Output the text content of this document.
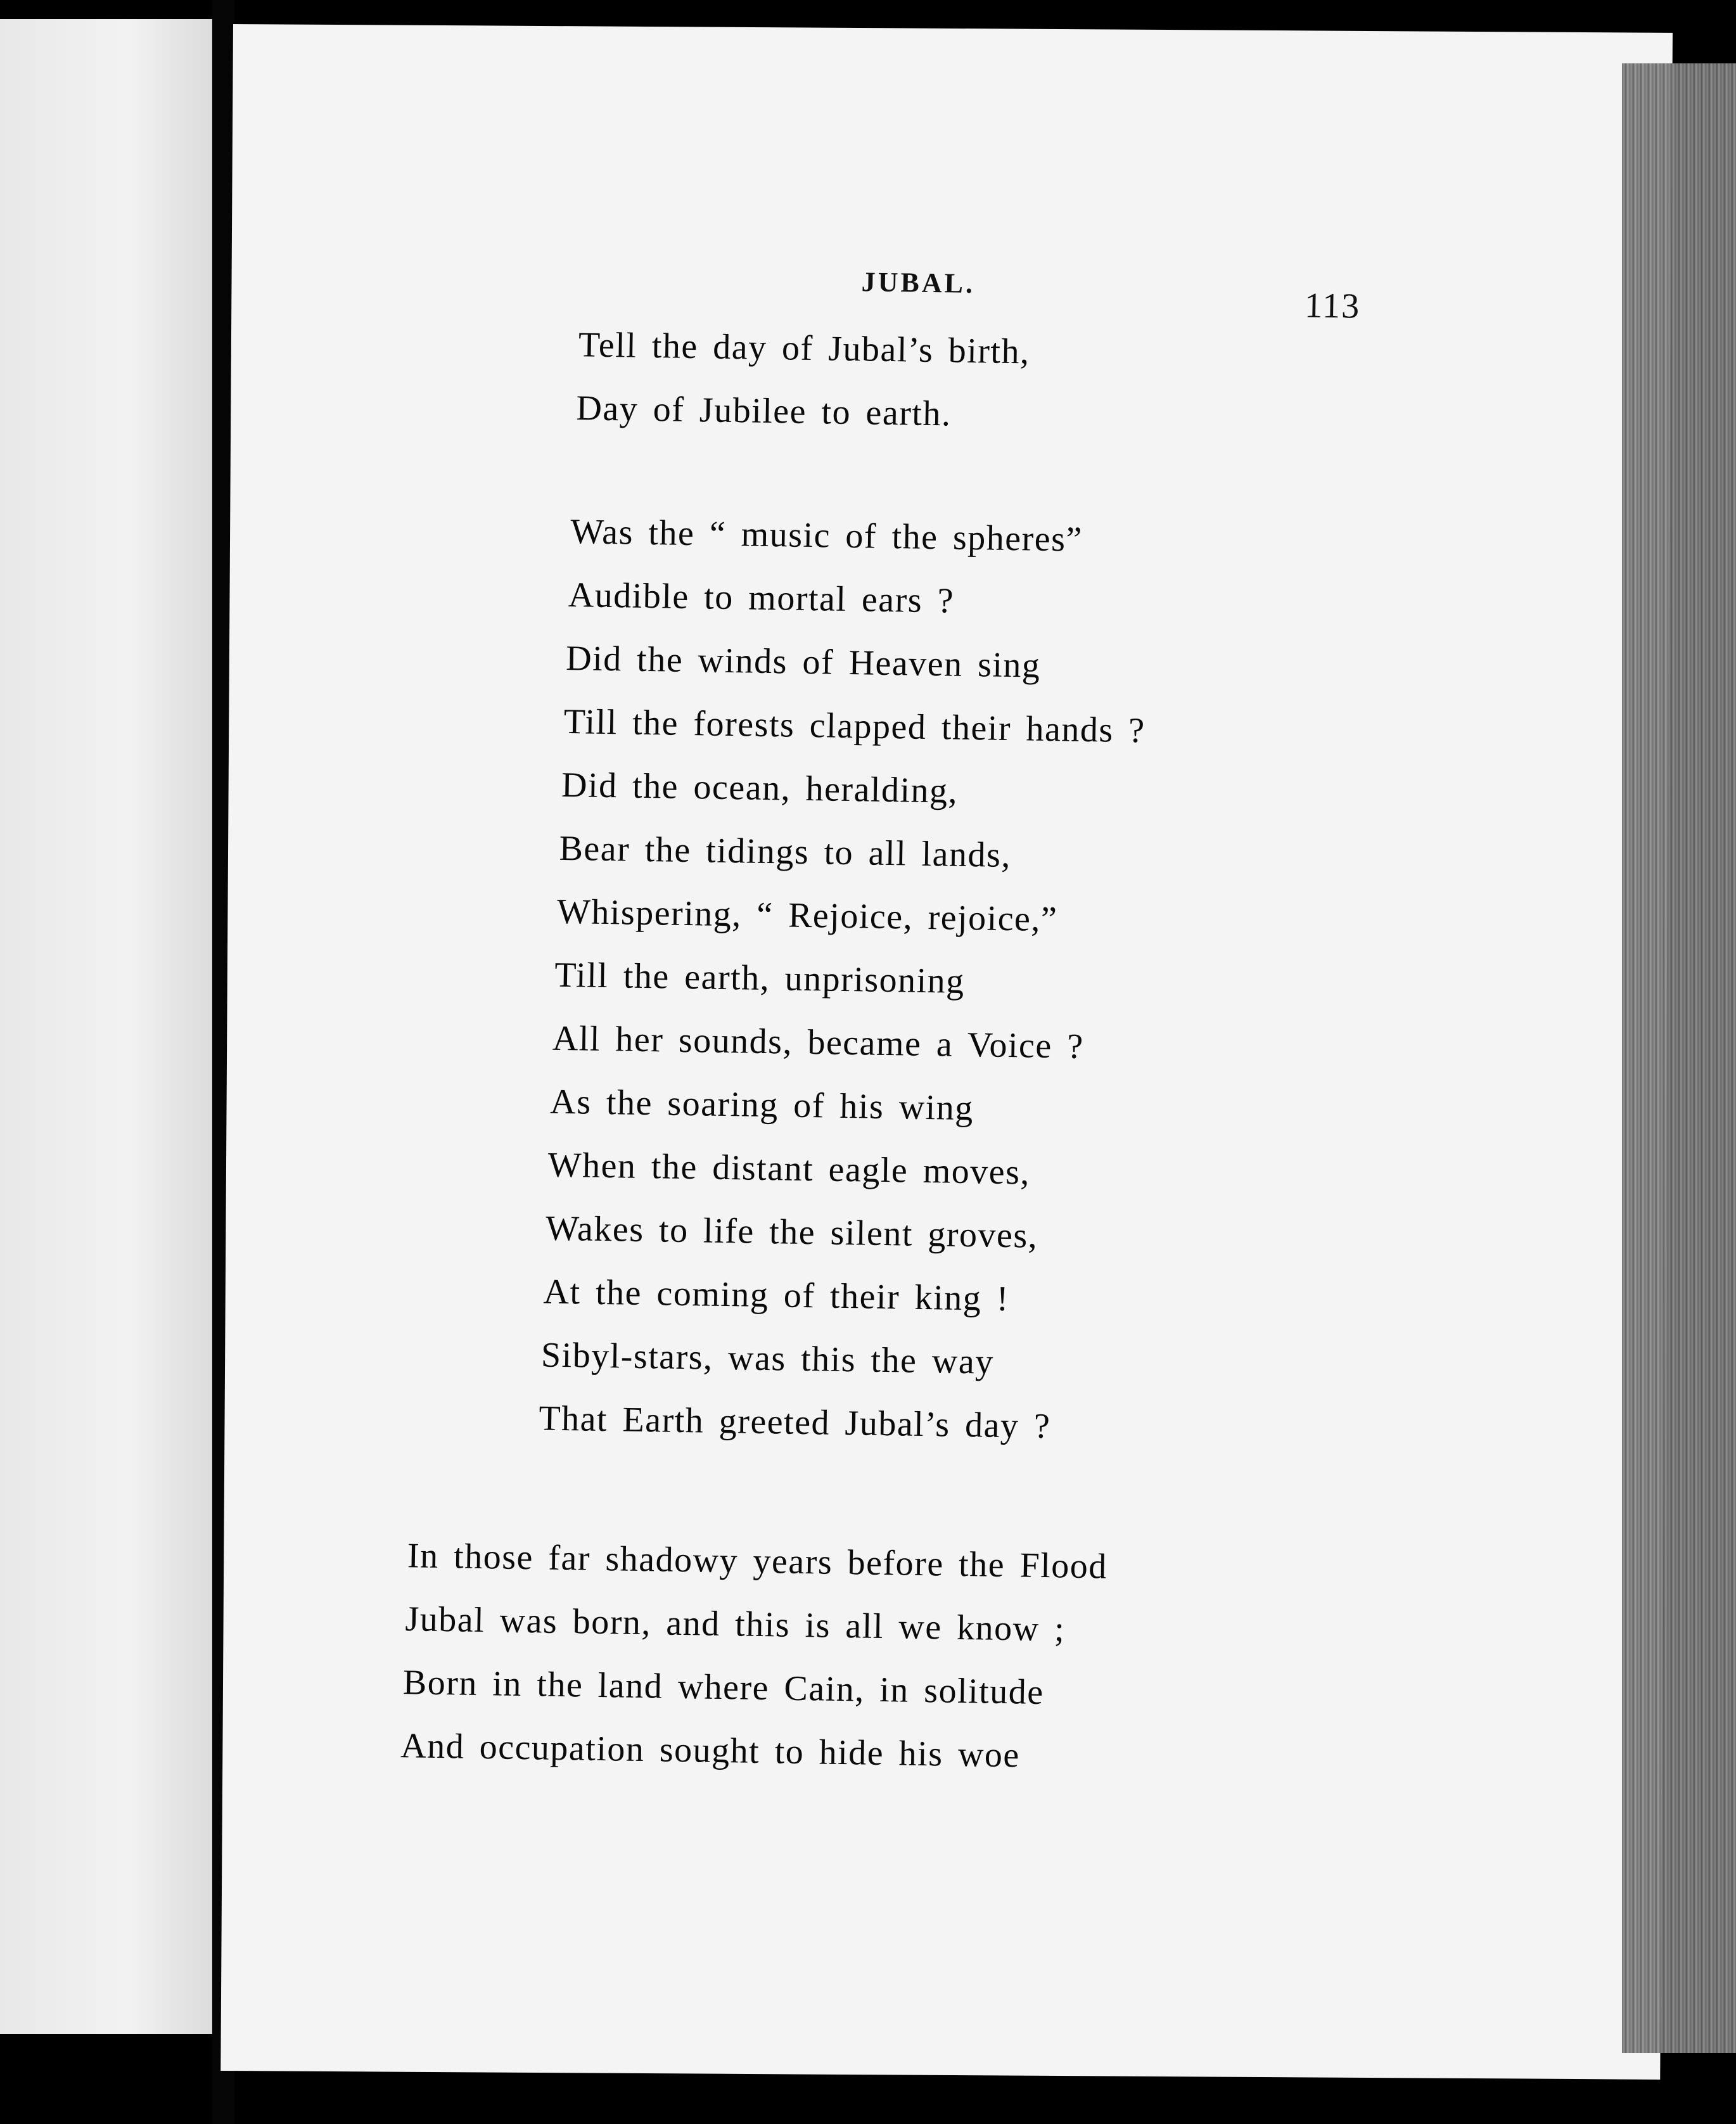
JUBAL.
113
Tell the day of Jubal’s birth,
Day of Jubilee to earth.
Was the “ music of the spheres”
Audible to mortal ears ?
Did the winds of Heaven sing
Till the forests clapped their hands ?
Did the ocean, heralding,
Bear the tidings to all lands,
Whispering, “ Rejoice, rejoice,”
Till the earth, unprisoning
All her sounds, became a Voice ?
As the soaring of his wing
When the distant eagle moves,
Wakes to life the silent groves,
At the coming of their king !
Sibyl-stars, was this the way
That Earth greeted Jubal’s day ?
In those far shadowy years before the Flood
Jubal was born, and this is all we know ;
Born in the land where Cain, in solitude
And occupation sought to hide his woe
